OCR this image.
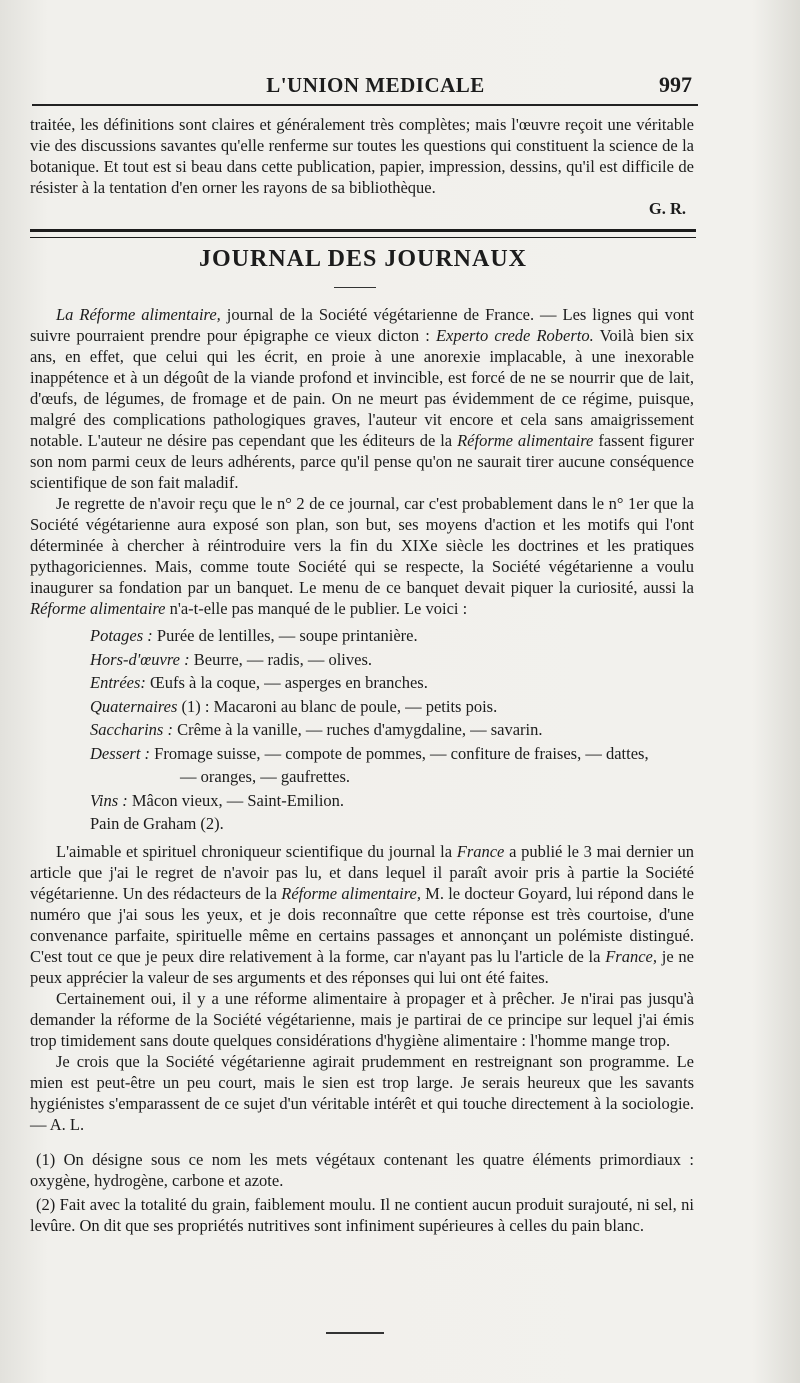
L'UNION MEDICALE	997

traitée, les définitions sont claires et généralement très complètes; mais l'œuvre reçoit une véritable vie des discussions savantes qu'elle renferme sur toutes les questions qui constituent la science de la botanique. Et tout est si beau dans cette publication, papier, impression, dessins, qu'il est difficile de résister à la tentation d'en orner les rayons de sa bibliothèque.

G. R.

JOURNAL DES JOURNAUX

La Réforme alimentaire, journal de la Société végétarienne de France. — Les lignes qui vont suivre pourraient prendre pour épigraphe ce vieux dicton : Experto crede Roberto. Voilà bien six ans, en effet, que celui qui les écrit, en proie à une anorexie implacable, à une inexorable inappétence et à un dégoût de la viande profond et invincible, est forcé de ne se nourrir que de lait, d'œufs, de légumes, de fromage et de pain. On ne meurt pas évidemment de ce régime, puisque, malgré des complications pathologiques graves, l'auteur vit encore et cela sans amaigrissement notable. L'auteur ne désire pas cependant que les éditeurs de la Réforme alimentaire fassent figurer son nom parmi ceux de leurs adhérents, parce qu'il pense qu'on ne saurait tirer aucune conséquence scientifique de son fait maladif.

Je regrette de n'avoir reçu que le n° 2 de ce journal, car c'est probablement dans le n° 1er que la Société végétarienne aura exposé son plan, son but, ses moyens d'action et les motifs qui l'ont déterminée à chercher à réintroduire vers la fin du XIXe siècle les doctrines et les pratiques pythagoriciennes. Mais, comme toute Société qui se respecte, la Société végétarienne a voulu inaugurer sa fondation par un banquet. Le menu de ce banquet devait piquer la curiosité, aussi la Réforme alimentaire n'a-t-elle pas manqué de le publier. Le voici :

Potages : Purée de lentilles, — soupe printanière.
Hors-d'œuvre : Beurre, — radis, — olives.
Entrées: Œufs à la coque, — asperges en branches.
Quaternaires (1) : Macaroni au blanc de poule, — petits pois.
Saccharins : Crême à la vanille, — ruches d'amygdaline, — savarin.
Dessert : Fromage suisse, — compote de pommes, — confiture de fraises, — dattes,
— oranges, — gaufrettes.
Vins : Mâcon vieux, — Saint-Emilion.
Pain de Graham (2).

L'aimable et spirituel chroniqueur scientifique du journal la France a publié le 3 mai dernier un article que j'ai le regret de n'avoir pas lu, et dans lequel il paraît avoir pris à partie la Société végétarienne. Un des rédacteurs de la Réforme alimentaire, M. le docteur Goyard, lui répond dans le numéro que j'ai sous les yeux, et je dois reconnaître que cette réponse est très courtoise, d'une convenance parfaite, spirituelle même en certains passages et annonçant un polémiste distingué. C'est tout ce que je peux dire relativement à la forme, car n'ayant pas lu l'article de la France, je ne peux apprécier la valeur de ses arguments et des réponses qui lui ont été faites.

Certainement oui, il y a une réforme alimentaire à propager et à prêcher. Je n'irai pas jusqu'à demander la réforme de la Société végétarienne, mais je partirai de ce principe sur lequel j'ai émis trop timidement sans doute quelques considérations d'hygiène alimentaire : l'homme mange trop.

Je crois que la Société végétarienne agirait prudemment en restreignant son programme. Le mien est peut-être un peu court, mais le sien est trop large. Je serais heureux que les savants hygiénistes s'emparassent de ce sujet d'un véritable intérêt et qui touche directement à la sociologie. — A. L.

(1) On désigne sous ce nom les mets végétaux contenant les quatre éléments primordiaux : oxygène, hydrogène, carbone et azote.

(2) Fait avec la totalité du grain, faiblement moulu. Il ne contient aucun produit surajouté, ni sel, ni levûre. On dit que ses propriétés nutritives sont infiniment supérieures à celles du pain blanc.
